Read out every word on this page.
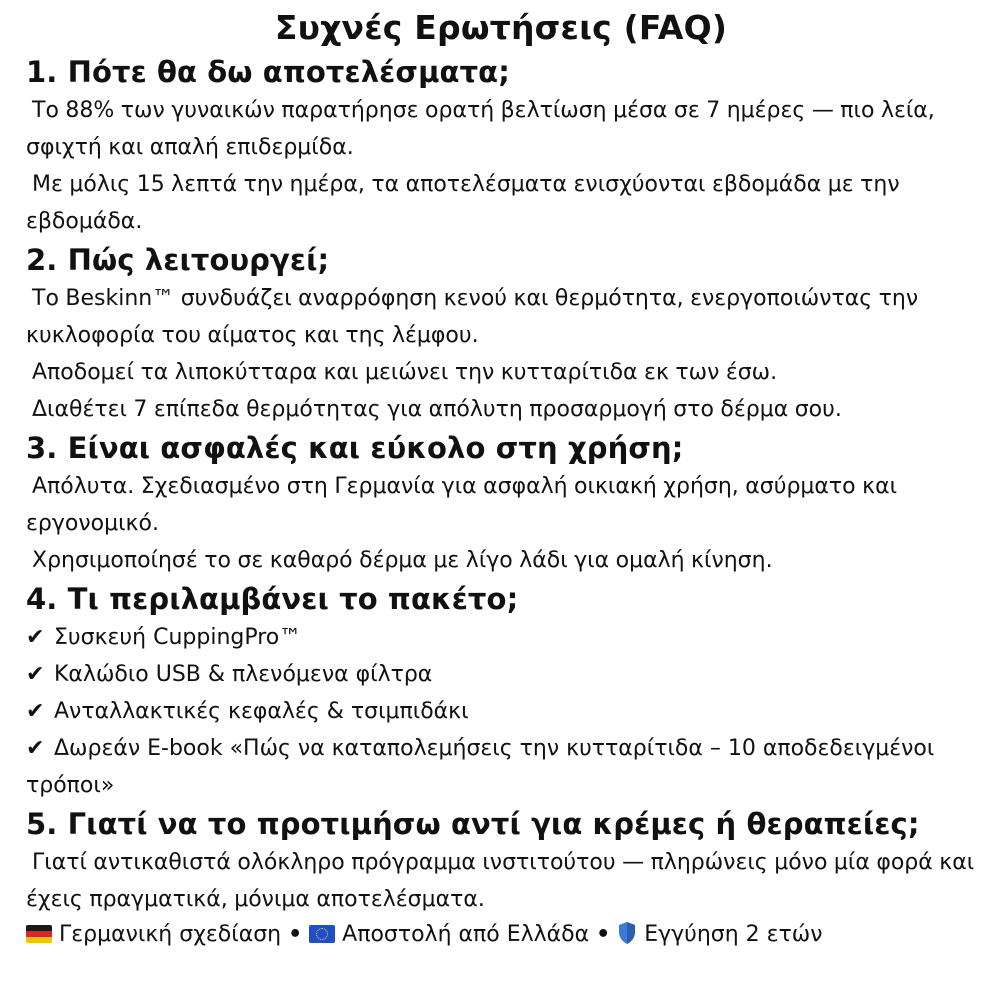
Συχνές Ερωτήσεις (FAQ)
1. Πότε θα δω αποτελέσματα;

Το 88% των γυναικών παρατήρησε ορατή βελτίωση μέσα σε 7 ημέρες — πιο λεία, σφιχτή και απαλή επιδερμίδα.

Με μόλις 15 λεπτά την ημέρα, τα αποτελέσματα ενισχύονται εβδομάδα με την εβδομάδα.

2. Πώς λειτουργεί;

Το Beskinn™ συνδυάζει αναρρόφηση κενού και θερμότητα, ενεργοποιώντας την κυκλοφορία του αίματος και της λέμφου.

Αποδομεί τα λιποκύτταρα και μειώνει την κυτταρίτιδα εκ των έσω.

Διαθέτει 7 επίπεδα θερμότητας για απόλυτη προσαρμογή στο δέρμα σου.

3. Είναι ασφαλές και εύκολο στη χρήση;

Απόλυτα. Σχεδιασμένο στη Γερμανία για ασφαλή οικιακή χρήση, ασύρματο και εργονομικό.

Χρησιμοποίησέ το σε καθαρό δέρμα με λίγο λάδι για ομαλή κίνηση.

4. Τι περιλαμβάνει το πακέτο;

✔ Συσκευή CuppingPro™

✔ Καλώδιο USB & πλενόμενα φίλτρα

✔ Ανταλλακτικές κεφαλές & τσιμπιδάκι

✔ Δωρεάν E-book «Πώς να καταπολεμήσεις την κυτταρίτιδα – 10 αποδεδειγμένοι τρόποι»

5. Γιατί να το προτιμήσω αντί για κρέμες ή θεραπείες;

Γιατί αντικαθιστά ολόκληρο πρόγραμμα ινστιτούτου — πληρώνεις μόνο μία φορά και έχεις πραγματικά, μόνιμα αποτελέσματα.

Γερμανική σχεδίαση • Αποστολή από Ελλάδα • Εγγύηση 2 ετών
